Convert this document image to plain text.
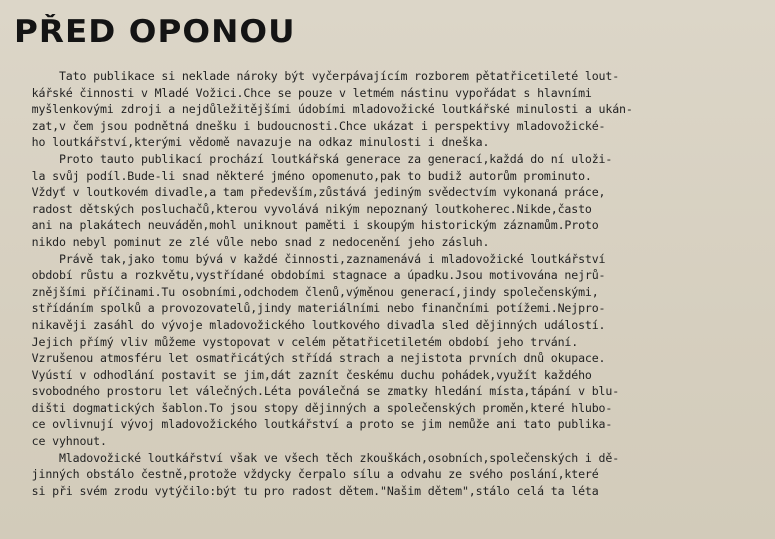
PŘED OPONOU
Tato publikace si neklade nároky být vyčerpávajícím rozborem pětatřicetileté lout-
kářské činnosti v Mladé Vožici.Chce se pouze v letmém nástinu vypořádat s hlavními
myšlenkovými zdroji a nejdůležitějšími údobími mladovožické loutkářské minulosti a ukán-
zat,v čem jsou podnětná dnešku i budoucnosti.Chce ukázat i perspektivy mladovožické-
ho loutkářství,kterými vědomě navazuje na odkaz minulosti i dneška.
Proto tauto publikací prochází loutkářská generace za generací,každá do ní uloži-
la svůj podíl.Bude-li snad některé jméno opomenuto,pak to budiž autorům prominuto.
Vždyť v loutkovém divadle,a tam především,zůstává jediným svědectvím vykonaná práce,
radost dětských posluchačů,kterou vyvolává nikým nepoznaný loutkoherec.Nikde,často
ani na plakátech neuváděn,mohl uniknout paměti i skoupým historickým záznamům.Proto
nikdo nebyl pominut ze zlé vůle nebo snad z nedocenění jeho zásluh.
Právě tak,jako tomu bývá v každé činnosti,zaznamenává i mladovožické loutkářství
období růstu a rozkvětu,vystřídané obdobími stagnace a úpadku.Jsou motivována nejrů-
znějšími příčinami.Tu osobními,odchodem členů,výměnou generací,jindy společenskými,
střídáním spolků a provozovatelů,jindy materiálními nebo finančními potížemi.Nejpro-
nikavěji zasáhl do vývoje mladovožického loutkového divadla sled dějinných událostí.
Jejich přímý vliv můžeme vystopovat v celém pětatřicetiletém období jeho trvání.
Vzrušenou atmosféru let osmatřicátých střídá strach a nejistota prvních dnů okupace.
Vyústí v odhodlání postavit se jim,dát zaznít českému duchu pohádek,využít každého
svobodného prostoru let válečných.Léta poválečná se zmatky hledání místa,tápání v blu-
dišti dogmatických šablon.To jsou stopy dějinných a společenských proměn,které hlubo-
ce ovlivnují vývoj mladovožického loutkářství a proto se jim nemůže ani tato publika-
ce vyhnout.
Mladovožické loutkářství však ve všech těch zkouškách,osobních,společenských i dě-
jinných obstálo čestně,protože vždycky čerpalo sílu a odvahu ze svého poslání,které
si při svém zrodu vytýčilo:být tu pro radost dětem."Našim dětem",stálo celá ta léta
